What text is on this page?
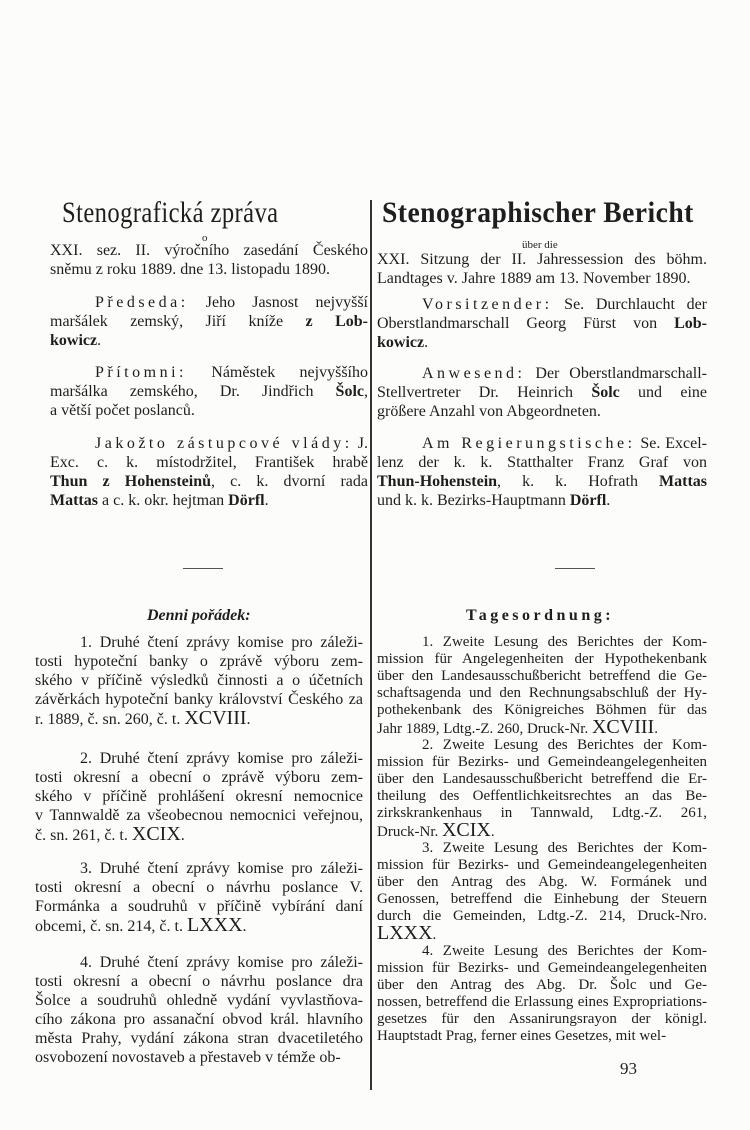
Stenografická zpráva
o
Stenographischer Bericht
über die
Denni pořádek:	Tagesordnung:
XXI. sez. II. výročního zasedání Českého
sněmu z roku 1889. dne 13. listopadu 1890.
Předseda: Jeho Jasnost nejvyšší
maršálek zemský, Jiří kníže z Lob-
kowicz.
Přítomni: Náměstek nejvyššího
maršálka zemského, Dr. Jindřich Šolc,
a větší počet poslanců.
Jakožto zástupcové vlády: J.
Exc. c. k. místodržitel, František hrabě
Thun z Hohensteinů, c. k. dvorní rada
Mattas a c. k. okr. hejtman Dörfl.
1. Druhé čtení zprávy komise pro záleži-
tosti hypoteční banky o zprávě výboru zem-
ského v příčině výsledků činnosti a o účetních
závěrkách hypoteční banky království Českého za
r. 1889, č. sn. 260, č. t. XCVIII.
2. Druhé čtení zprávy komise pro záleži-
tosti okresní a obecní o zprávě výboru zem-
ského v příčině prohlášení okresní nemocnice
v Tannwaldě za všeobecnou nemocnici veřejnou,
č. sn. 261, č. t. XCIX.
3. Druhé čtení zprávy komise pro záleži-
tosti okresní a obecní o návrhu poslance V.
Formánka a soudruhů v příčině vybírání daní
obcemi, č. sn. 214, č. t. LXXX.
4. Druhé čtení zprávy komise pro záleži-
tosti okresní a obecní o návrhu poslance dra
Šolce a soudruhů ohledně vydání vyvlastňova-
cího zákona pro assanační obvod král. hlavního
města Prahy, vydání zákona stran dvacetiletého
osvobození novostaveb a přestaveb v témže ob-
XXI. Sitzung der II. Jahressession des böhm.
Landtages v. Jahre 1889 am 13. November 1890.
Vorsitzender: Se. Durchlaucht der
Oberstlandmarschall Georg Fürst von Lob-
kowicz.
Anwesend: Der Oberstlandmarschall-
Stellvertreter Dr. Heinrich Šolc und eine
größere Anzahl von Abgeordneten.
Am Regierungstische: Se. Excel-
lenz der k. k. Statthalter Franz Graf von
Thun-Hohenstein, k. k. Hofrath Mattas
und k. k. Bezirks-Hauptmann Dörfl.
1. Zweite Lesung des Berichtes der Kom-
mission für Angelegenheiten der Hypothekenbank
über den Landesausschußbericht betreffend die Ge-
schaftsagenda und den Rechnungsabschluß der Hy-
pothekenbank des Königreiches Böhmen für das
Jahr 1889, Ldtg.-Z. 260, Druck-Nr. XCVIII.
2. Zweite Lesung des Berichtes der Kom-
mission für Bezirks- und Gemeindeangelegenheiten
über den Landesausschußbericht betreffend die Er-
theilung des Oeffentlichkeitsrechtes an das Be-
zirkskrankenhaus in Tannwald, Ldtg.-Z. 261,
Druck-Nr. XCIX.
3. Zweite Lesung des Berichtes der Kom-
mission für Bezirks- und Gemeindeangelegenheiten
über den Antrag des Abg. W. Formánek und
Genossen, betreffend die Einhebung der Steuern
durch die Gemeinden, Ldtg.-Z. 214, Druck-Nro.
LXXX.
4. Zweite Lesung des Berichtes der Kom-
mission für Bezirks- und Gemeindeangelegenheiten
über den Antrag des Abg. Dr. Šolc und Ge-
nossen, betreffend die Erlassung eines Expropriations-
gesetzes für den Assanirungsrayon der königl.
Hauptstadt Prag, ferner eines Gesetzes, mit wel-
93
